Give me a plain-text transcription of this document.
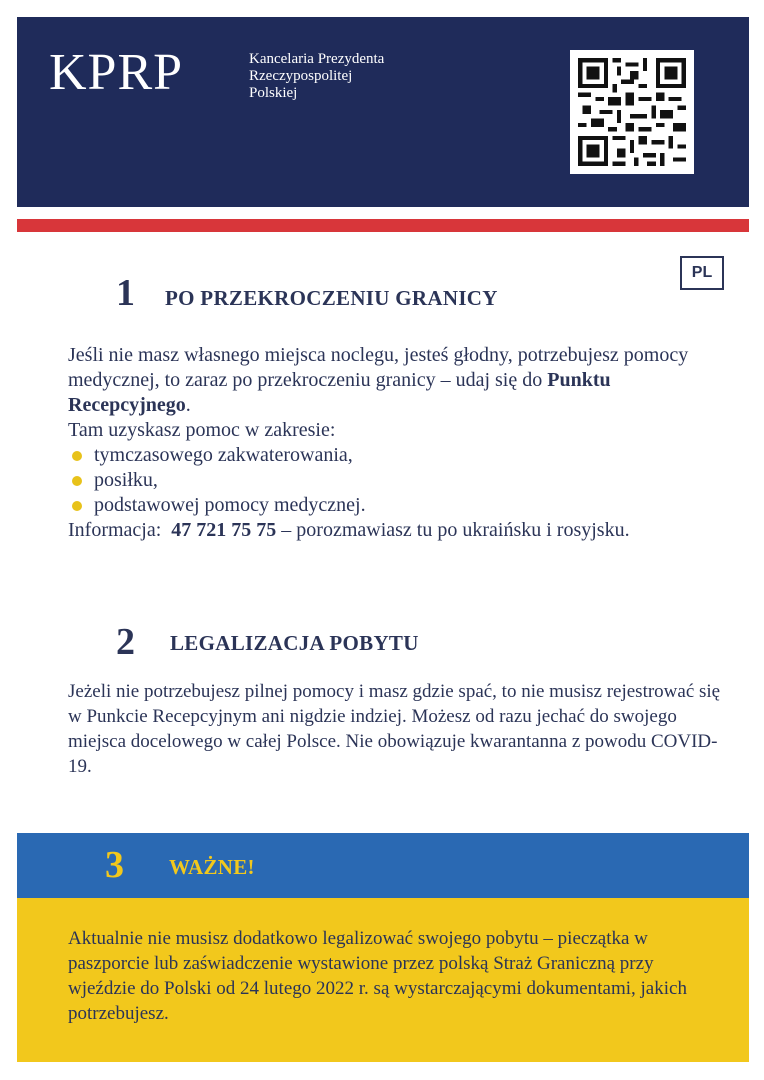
KPRP	Kancelaria Prezydenta
Rzeczypospolitej
Polskiej
PL
1 PO PRZEKROCZENIU GRANICY

Jeśli nie masz własnego miejsca noclegu, jesteś głodny, potrzebujesz pomocy medycznej, to zaraz po przekroczeniu granicy – udaj się do Punktu Recepcyjnego.

Tam uzyskasz pomoc w zakresie:

tymczasowego zakwaterowania,
posiłku,
podstawowej pomocy medycznej.

Informacja: 47 721 75 75 – porozmawiasz tu po ukraińsku i rosyjsku.

2 LEGALIZACJA POBYTU
Jeżeli nie potrzebujesz pilnej pomocy i masz gdzie spać, to nie musisz rejestrować się w Punkcie Recepcyjnym ani nigdzie indziej. Możesz od razu jechać do swojego miejsca docelowego w całej Polsce. Nie obowiązuje kwarantanna z powodu COVID-19.
3 WAŻNE!
Aktualnie nie musisz dodatkowo legalizować swojego pobytu – pieczątka w paszporcie lub zaświadczenie wystawione przez polską Straż Graniczną przy wjeździe do Polski od 24 lutego 2022 r. są wystarczającymi dokumentami, jakich potrzebujesz.
